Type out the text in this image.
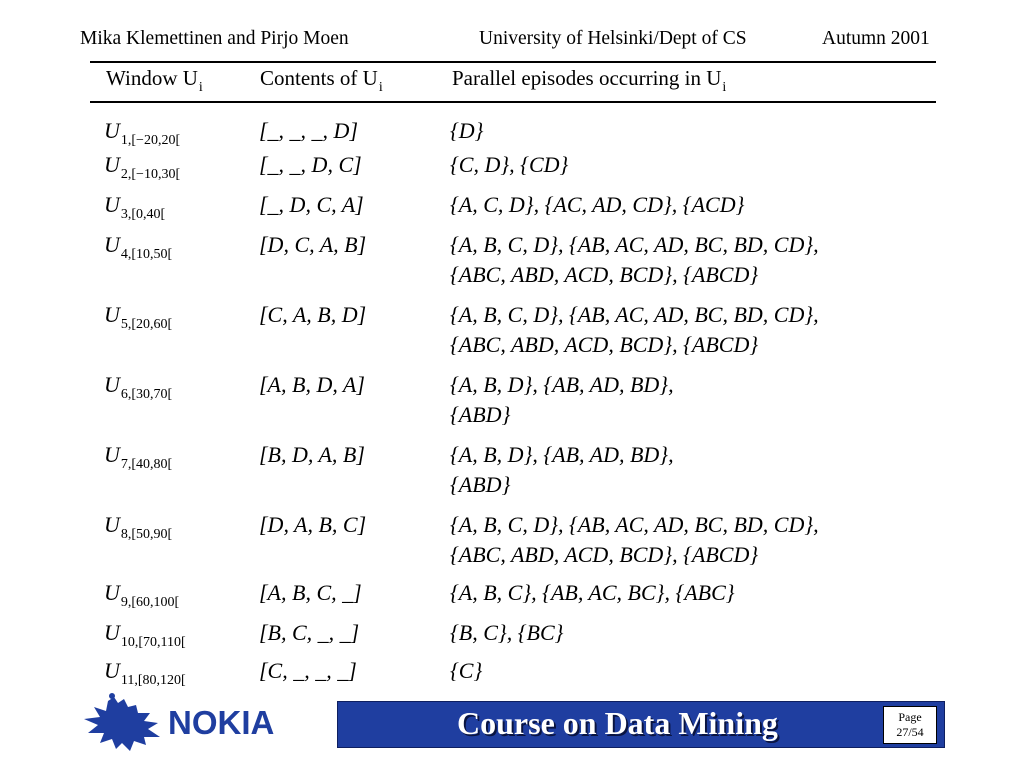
Mika Klemettinen and Pirjo Moen	University of Helsinki/Dept of CS	Autumn 2001
Window $U_i$	Contents of $U_i$	Parallel episodes occurring in $U_i$
$U_{1,[-20,20[}$	[_, _, _, D]	{D}
$U_{2,[-10,30[}$	[_, _, D, C]	{C, D}, {CD}
$U_{3,[0,40[}$	[_, D, C, A]	{A, C, D}, {AC, AD, CD}, {ACD}
$U_{4,[10,50[}$	[D, C, A, B]	{A, B, C, D}, {AB, AC, AD, BC, BD, CD},
{ABC, ABD, ACD, BCD}, {ABCD}
$U_{5,[20,60[}$	[C, A, B, D]	{A, B, C, D}, {AB, AC, AD, BC, BD, CD},
{ABC, ABD, ACD, BCD}, {ABCD}
$U_{6,[30,70[}$	[A, B, D, A]	{A, B, D}, {AB, AD, BD},
{ABD}
$U_{7,[40,80[}$	[B, D, A, B]	{A, B, D}, {AB, AD, BD},
{ABD}
$U_{8,[50,90[}$	[D, A, B, C]	{A, B, C, D}, {AB, AC, AD, BC, BD, CD},
{ABC, ABD, ACD, BCD}, {ABCD}
$U_{9,[60,100[}$	[A, B, C, _]	{A, B, C}, {AB, AC, BC}, {ABC}
$U_{10,[70,110[}$	[B, C, _, _]	{B, C}, {BC}
$U_{11,[80,120[}$	[C, _, _, _]	{C}
NOKIA	Course on Data Mining	Page
27/54
